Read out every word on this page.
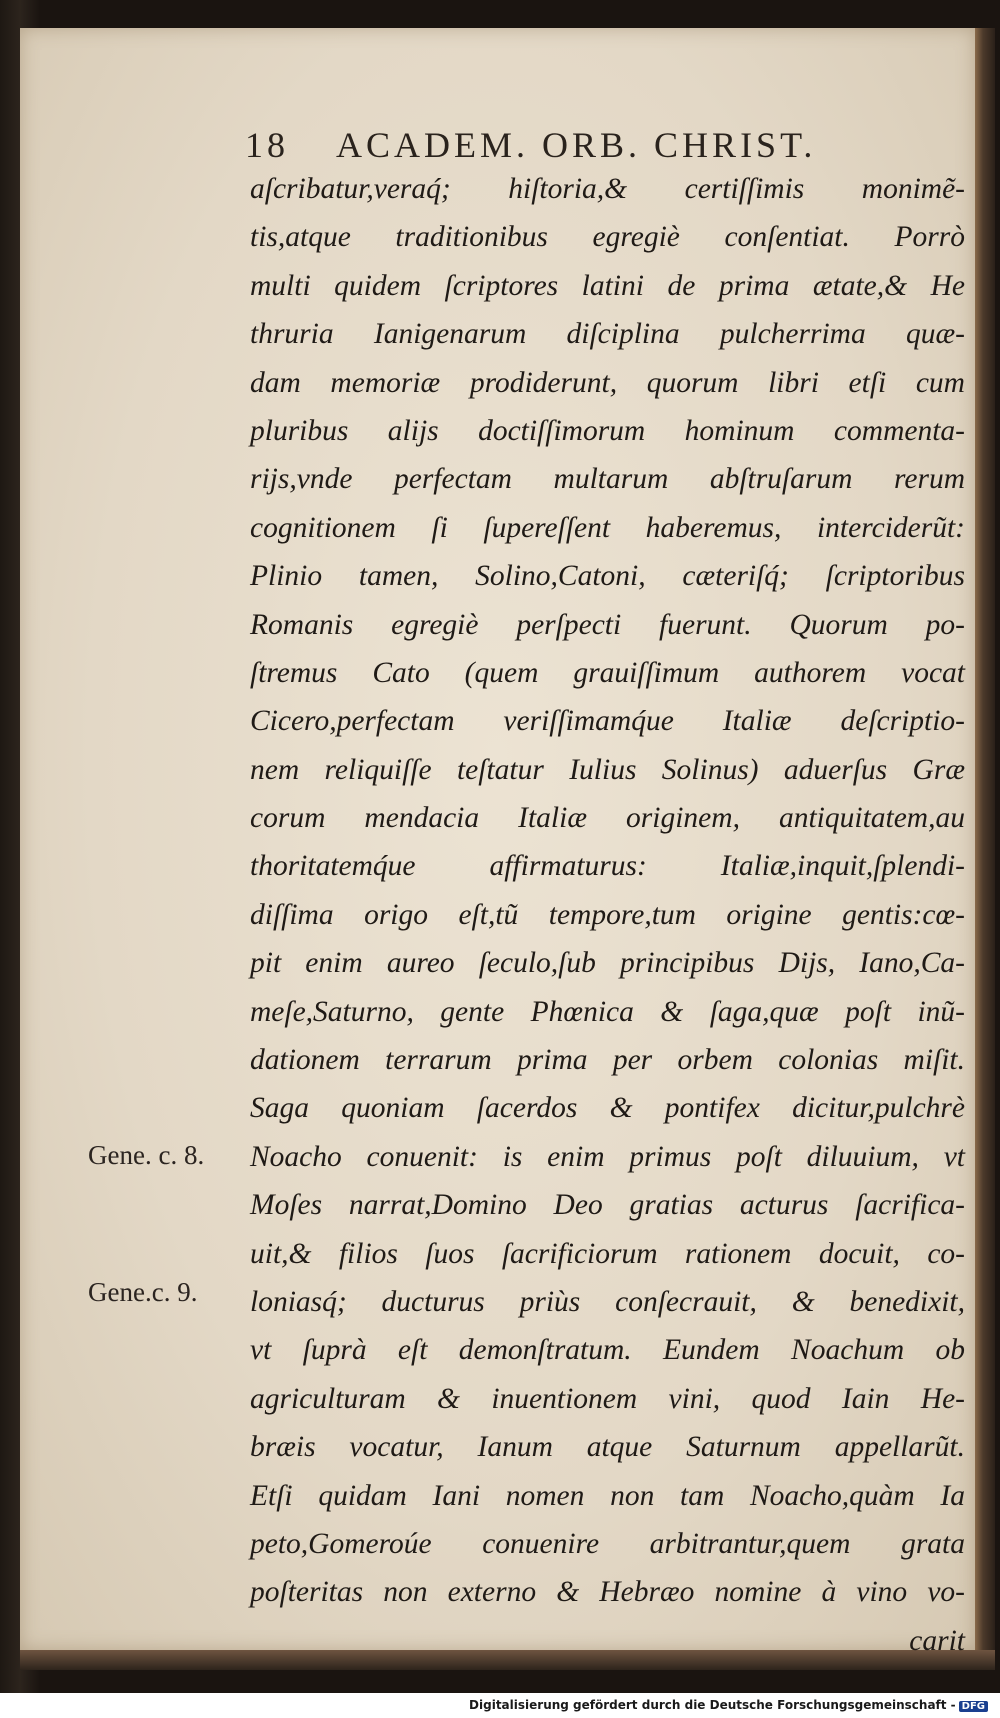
18 ACADEM. ORB. CHRIST.
aſcribatur,veraq́; hiſtoria,& certiſſimis monimẽ-
tis,atque traditionibus egregiè conſentiat. Porrò
multi quidem ſcriptores latini de prima ætate,& He
thruria Ianigenarum diſciplina pulcherrima quæ-
dam memoriæ prodiderunt, quorum libri etſi cum
pluribus alijs doctiſſimorum hominum commenta-
rijs,vnde perfectam multarum abſtruſarum rerum
cognitionem ſi ſupereſſent haberemus, interciderũt:
Plinio tamen, Solino,Catoni, cæteriſq́; ſcriptoribus
Romanis egregiè perſpecti fuerunt. Quorum po-
ſtremus Cato (quem grauiſſimum authorem vocat
Cicero,perfectam veriſſimamq́ue Italiæ deſcriptio-
nem reliquiſſe teſtatur Iulius Solinus) aduerſus Græ
corum mendacia Italiæ originem, antiquitatem,au
thoritatemq́ue affirmaturus: Italiæ,inquit,ſplendi-
diſſima origo eſt,tũ tempore,tum origine gentis:cœ-
pit enim aureo ſeculo,ſub principibus Dijs, Iano,Ca-
meſe,Saturno, gente Phœnica & ſaga,quæ poſt inũ-
dationem terrarum prima per orbem colonias miſit.
Saga quoniam ſacerdos & pontifex dicitur,pulchrè
Noacho conuenit: is enim primus poſt diluuium, vt
Moſes narrat,Domino Deo gratias acturus ſacrifica-
uit,& filios ſuos ſacrificiorum rationem docuit, co-
loniasq́; ducturus priùs conſecrauit, & benedixit,
vt ſuprà eſt demonſtratum. Eundem Noachum ob
agriculturam & inuentionem vini, quod Iain He-
bræis vocatur, Ianum atque Saturnum appellarũt.
Etſi quidam Iani nomen non tam Noacho,quàm Ia
peto,Gomeroúe conuenire arbitrantur,quem grata
poſteritas non externo & Hebræo nomine à vino vo-
carit
Gene. c. 8.
Gene.c. 9.
Digitalisierung gefördert durch die Deutsche Forschungsgemeinschaft - DFG
